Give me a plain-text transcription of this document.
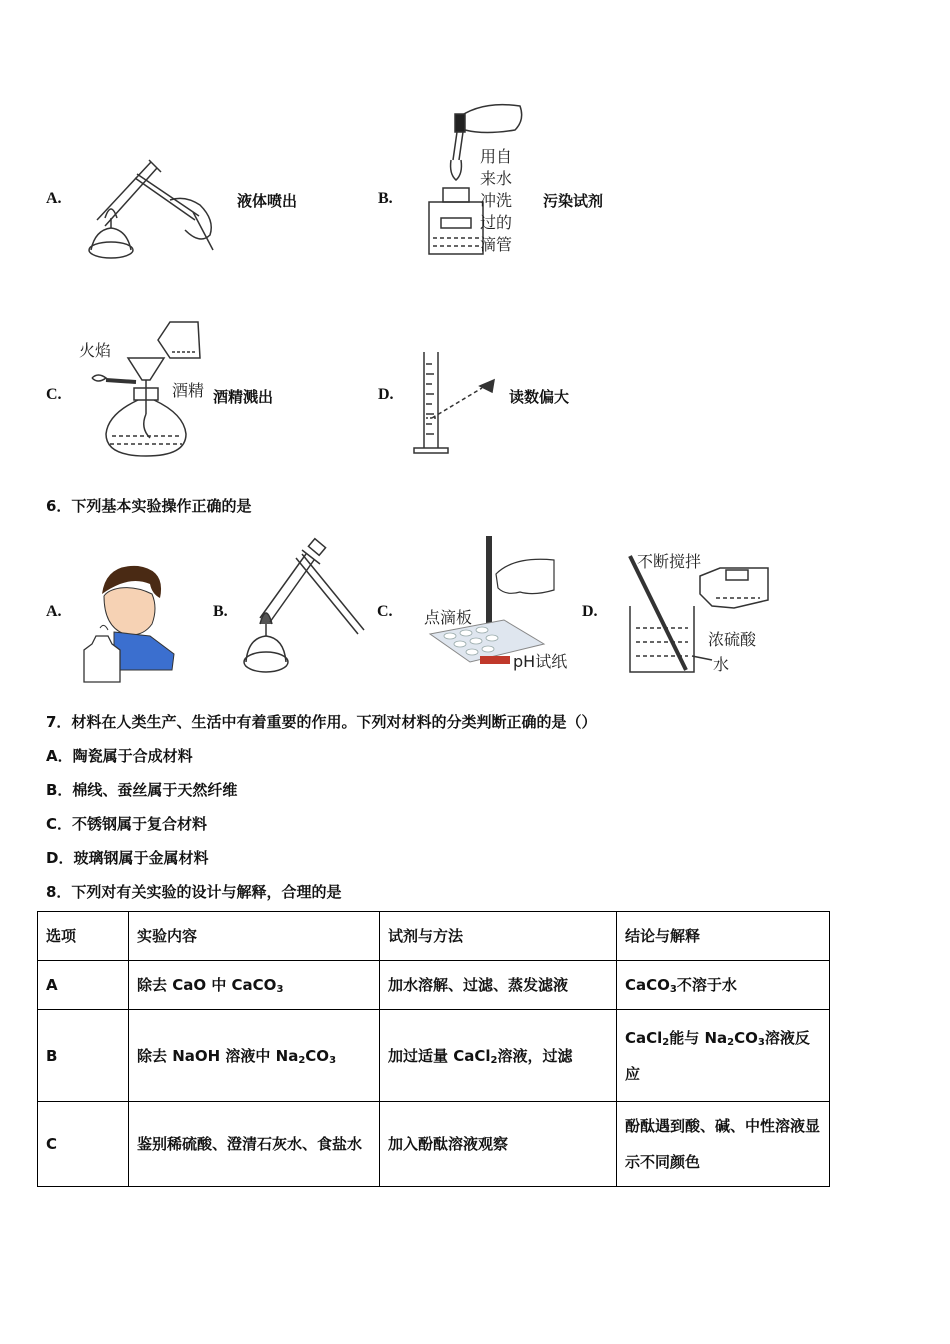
A.	液体喷出	B.
用自
来水
冲洗
过的
滴管
污染试剂
C.
火焰
酒精 酒精溅出	D.	读数偏大
6．下列基本实验操作正确的是
A.	B.	C. 点滴板
pH试纸
D.
不断搅拌
浓硫酸
水
7．材料在人类生产、生活中有着重要的作用。下列对材料的分类判断正确的是（）
A．陶瓷属于合成材料
B．棉线、蚕丝属于天然纤维
C．不锈钢属于复合材料
D．玻璃钢属于金属材料
8．下列对有关实验的设计与解释，合理的是
选项	实验内容	试剂与方法	结论与解释
A	除去 CaO 中 CaCO$_3$	加水溶解、过滤、蒸发滤液	CaCO$_3$不溶于水
B	除去 NaOH 溶液中 $Na_2CO_3$	加过适量 CaCl$_2$溶液，过滤	CaCl$_2$能与 $Na_2CO_3$溶液反应
C	鉴别稀硫酸、澄清石灰水、食盐水	加入酚酞溶液观察	酚酞遇到酸、碱、中性溶液显示不同颜色
